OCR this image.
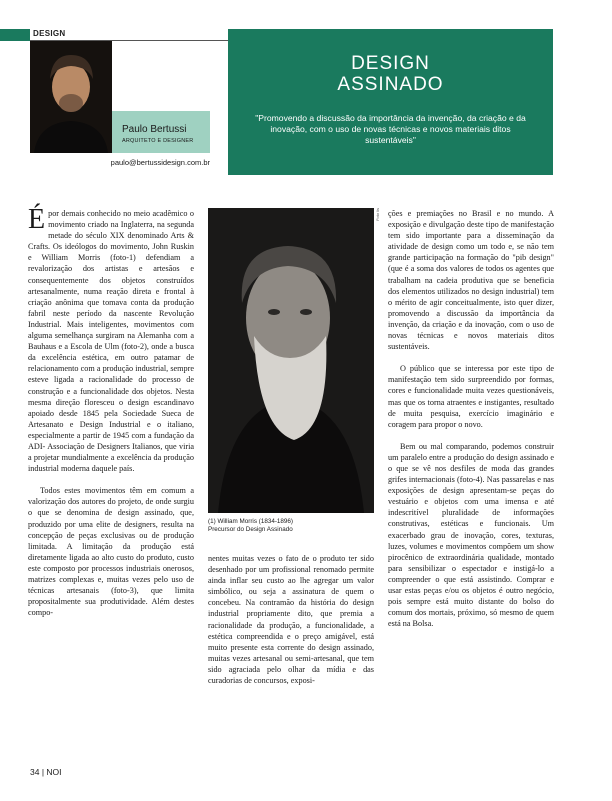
DESIGN
Paulo Bertussi
ARQUITETO E DESIGNER
paulo@bertussidesign.com.br
DESIGN
ASSINADO
"Promovendo a discussão da importância da invenção, da criação e da inovação, com o uso de novas técnicas e novos materiais ditos sustentáveis"

Épor demais conhecido no meio acadêmico o movimento criado na Inglaterra, na segunda metade do século XIX denominado Arts & Crafts. Os ideólogos do movimento, John Ruskin e William Morris (foto-1) defendiam a revalorização dos artistas e artesãos e consequentemente dos objetos construídos artesanalmente, numa reação direta e frontal à criação anônima que tomava conta da produção fabril neste período da nascente Revolução Industrial. Mais inteligentes, movimentos com alguma semelhança surgiram na Alemanha com a Bauhaus e a Escola de Ulm (foto-2), onde a busca da excelência estética, em outro patamar de relacionamento com a produção industrial, sempre esteve ligada a racionalidade do processo de construção e a funcionalidade dos objetos. Nesta mesma direção floresceu o design escandinavo apoiado desde 1845 pela Sociedade Sueca de Artesanato e Design Industrial e o italiano, especialmente a partir de 1945 com a fundação da ADI- Associação de Designers Italianos, que viria a projetar mundialmente a excelência da produção industrial moderna daquele país.

Todos estes movimentos têm em comum a valorização dos autores do projeto, de onde surgiu o que se denomina de design assinado, que, produzido por uma elite de designers, resulta na concepção de peças exclusivas ou de produção limitada. A limitação da produção está diretamente ligada ao alto custo do produto, custo este composto por processos industriais onerosos, matrizes complexas e, muitas vezes pelo uso de técnicas artesanais (foto-3), que limita propositalmente sua produtividade. Além destes compo-

Foto lis
(1) William Morris (1834-1896)
Precursor do Design Assinado

nentes muitas vezes o fato de o produto ter sido desenhado por um profissional renomado permite ainda inflar seu custo ao lhe agregar um valor simbólico, ou seja a assinatura de quem o concebeu. Na contramão da história do design industrial propriamente dito, que premia a racionalidade da produção, a funcionalidade, a estética compreendida e o preço amigável, está muito presente esta corrente do design assinado, muitas vezes artesanal ou semi-artesanal, que tem sido agraciada pelo olhar da mídia e das curadorias de concursos, exposi-

ções e premiações no Brasil e no mundo. A exposição e divulgação deste tipo de manifestação tem sido importante para a disseminação da atividade de design como um todo e, se não tem grande participação na formação do "pib design" (que é a soma dos valores de todos os agentes que trabalham na cadeia produtiva que se beneficia dos elementos utilizados no design industrial) tem o mérito de agir conceitualmente, isto quer dizer, promovendo a discussão da importância da invenção, da criação e da inovação, com o uso de novas técnicas e novos materiais ditos sustentáveis.

O público que se interessa por este tipo de manifestação tem sido surpreendido por formas, cores e funcionalidade muita vezes questionáveis, mas que os torna atraentes e instigantes, resultado de muita pesquisa, exercício imaginário e coragem para propor o novo.

Bem ou mal comparando, podemos construir um paralelo entre a produção do design assinado e o que se vê nos desfiles de moda das grandes grifes internacionais (foto-4). Nas passarelas e nas exposições de design apresentam-se peças do vestuário e objetos com uma imensa e até indescritível pluralidade de informações construtivas, estéticas e funcionais. Um exacerbado grau de inovação, cores, texturas, luzes, volumes e movimentos compõem um show pirocênico de extraordinária qualidade, montado para sensibilizar o espectador e instigá-lo a compreender o que está assistindo. Comprar e usar estas peças e/ou os objetos é outro negócio, pois sempre está muito distante do bolso do comum dos mortais, próximo, só mesmo de quem está na Bolsa.

34 | NOI
